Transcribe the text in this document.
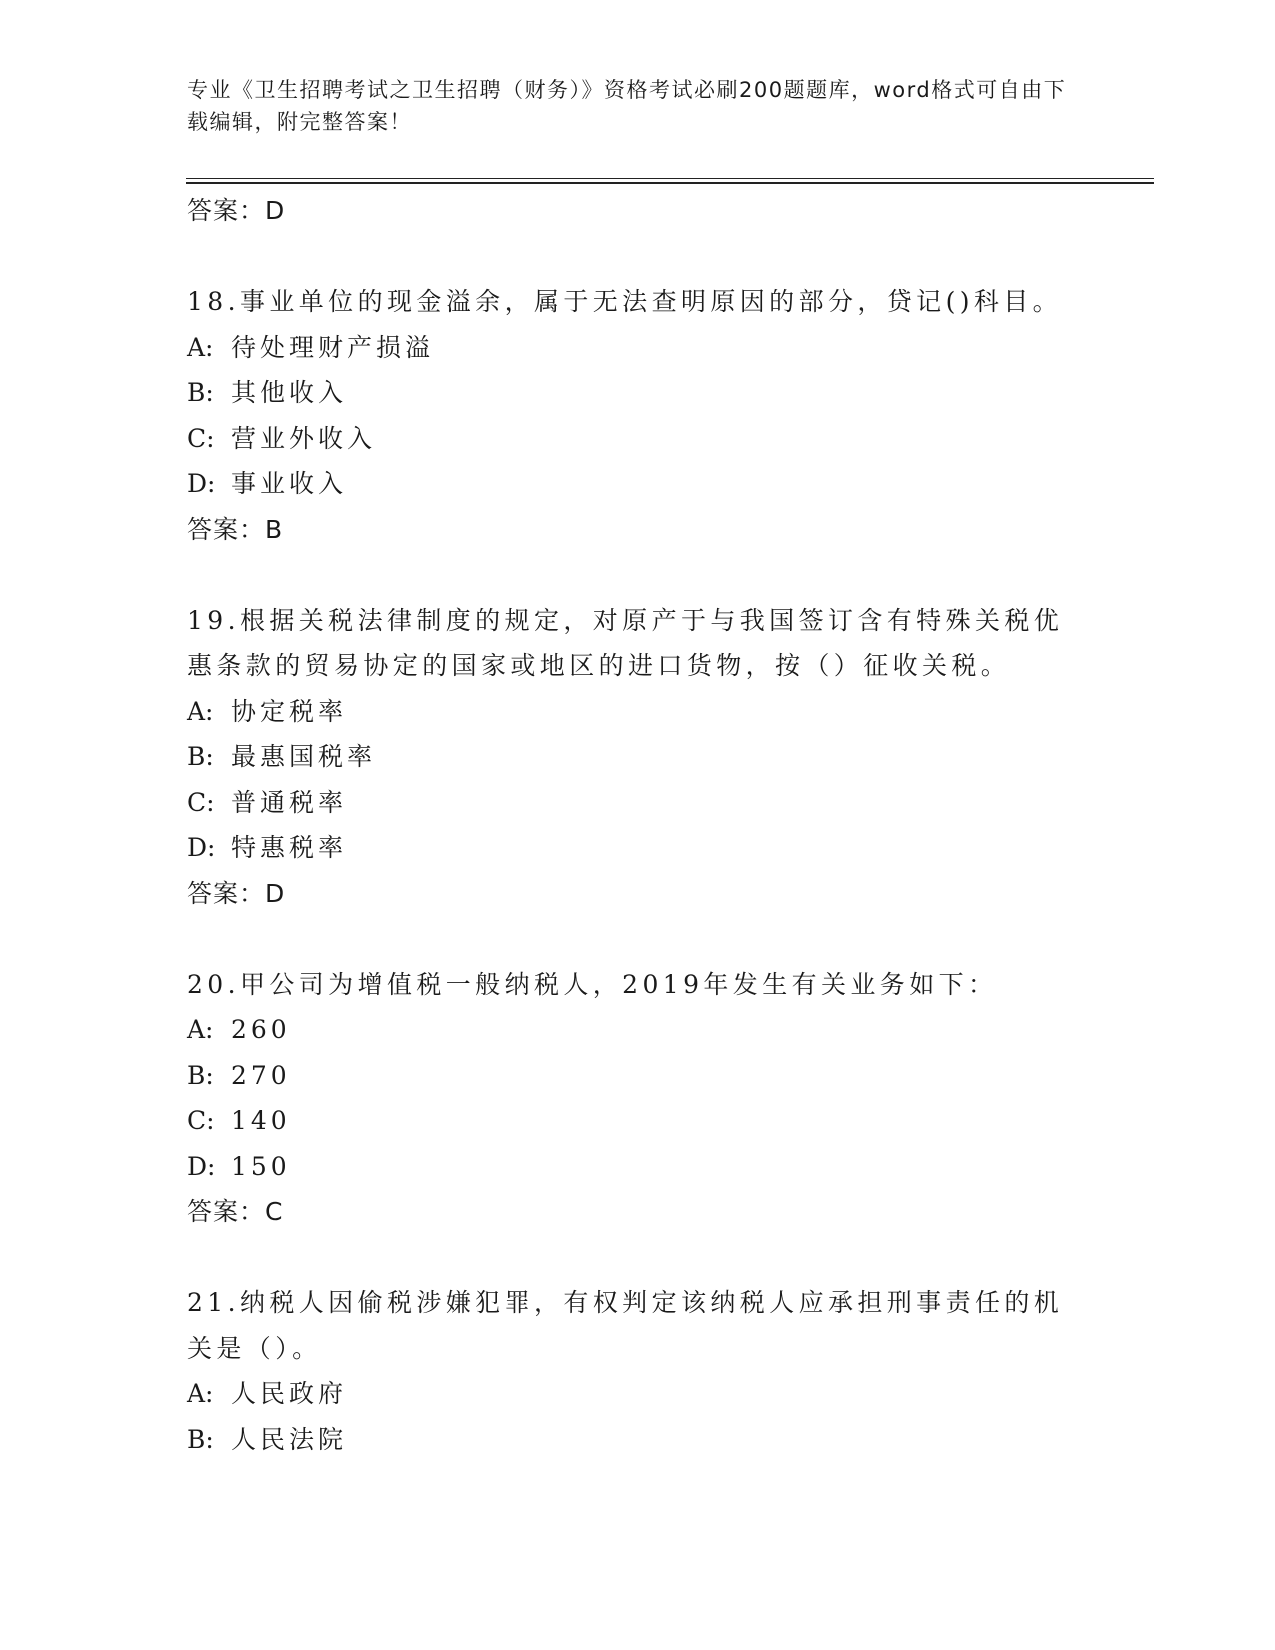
专业《卫生招聘考试之卫生招聘（财务）》资格考试必刷200题题库，word格式可自由下载编辑，附完整答案！
答案：D
18.事业单位的现金溢余，属于无法查明原因的部分，贷记()科目。
A: 待处理财产损溢
B: 其他收入
C: 营业外收入
D: 事业收入
答案：B
19.根据关税法律制度的规定，对原产于与我国签订含有特殊关税优惠条款的贸易协定的国家或地区的进口货物，按（）征收关税。
A: 协定税率
B: 最惠国税率
C: 普通税率
D: 特惠税率
答案：D
20.甲公司为增值税一般纳税人，2019年发生有关业务如下：
A: 260
B: 270
C: 140
D: 150
答案：C
21.纳税人因偷税涉嫌犯罪，有权判定该纳税人应承担刑事责任的机关是（）。
A: 人民政府
B: 人民法院
